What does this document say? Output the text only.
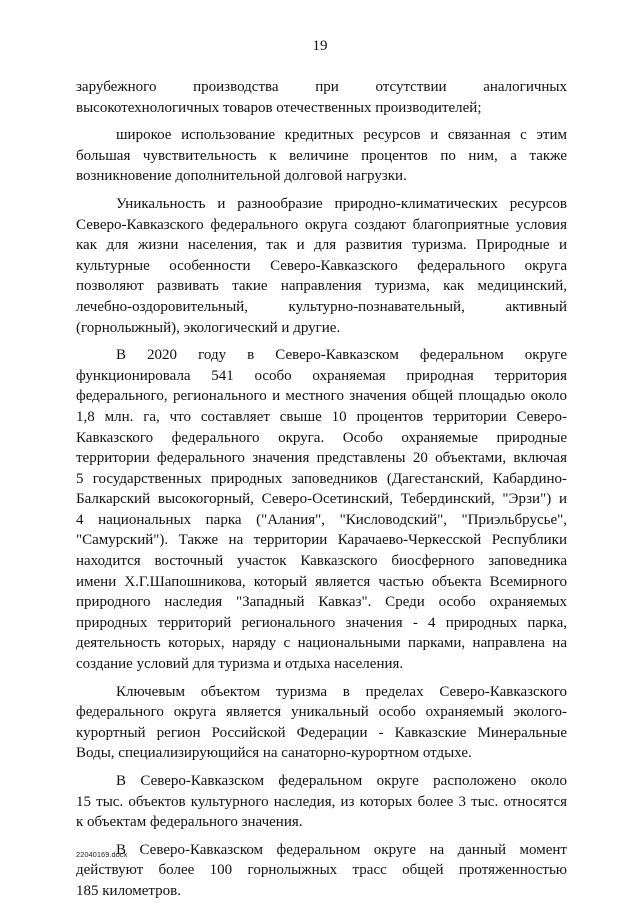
19
зарубежного производства при отсутствии аналогичных
высокотехнологичных товаров отечественных производителей;
широкое использование кредитных ресурсов и связанная с этим
большая чувствительность к величине процентов по ним, а также
возникновение дополнительной долговой нагрузки.
Уникальность и разнообразие природно-климатических ресурсов
Северо-Кавказского федерального округа создают благоприятные условия
как для жизни населения, так и для развития туризма. Природные и
культурные особенности Северо-Кавказского федерального округа
позволяют развивать такие направления туризма, как медицинский,
лечебно-оздоровительный, культурно-познавательный, активный
(горнолыжный), экологический и другие.
В 2020 году в Северо-Кавказском федеральном округе
функционировала 541 особо охраняемая природная территория
федерального, регионального и местного значения общей площадью около
1,8 млн. га, что составляет свыше 10 процентов территории Северо-
Кавказского федерального округа. Особо охраняемые природные
территории федерального значения представлены 20 объектами, включая
5 государственных природных заповедников (Дагестанский, Кабардино-
Балкарский высокогорный, Северо-Осетинский, Тебердинский, "Эрзи") и
4 национальных парка ("Алания", "Кисловодский", "Приэльбрусье",
"Самурский"). Также на территории Карачаево-Черкесской Республики
находится восточный участок Кавказского биосферного заповедника
имени Х.Г.Шапошникова, который является частью объекта Всемирного
природного наследия "Западный Кавказ". Среди особо охраняемых
природных территорий регионального значения - 4 природных парка,
деятельность которых, наряду с национальными парками, направлена на
создание условий для туризма и отдыха населения.
Ключевым объектом туризма в пределах Северо-Кавказского
федерального округа является уникальный особо охраняемый эколого-
курортный регион Российской Федерации - Кавказские Минеральные
Воды, специализирующийся на санаторно-курортном отдыхе.
В Северо-Кавказском федеральном округе расположено около
15 тыс. объектов культурного наследия, из которых более 3 тыс. относятся
к объектам федерального значения.
В Северо-Кавказском федеральном округе на данный момент
действуют более 100 горнолыжных трасс общей протяженностью
185 километров.
22040169.docx
